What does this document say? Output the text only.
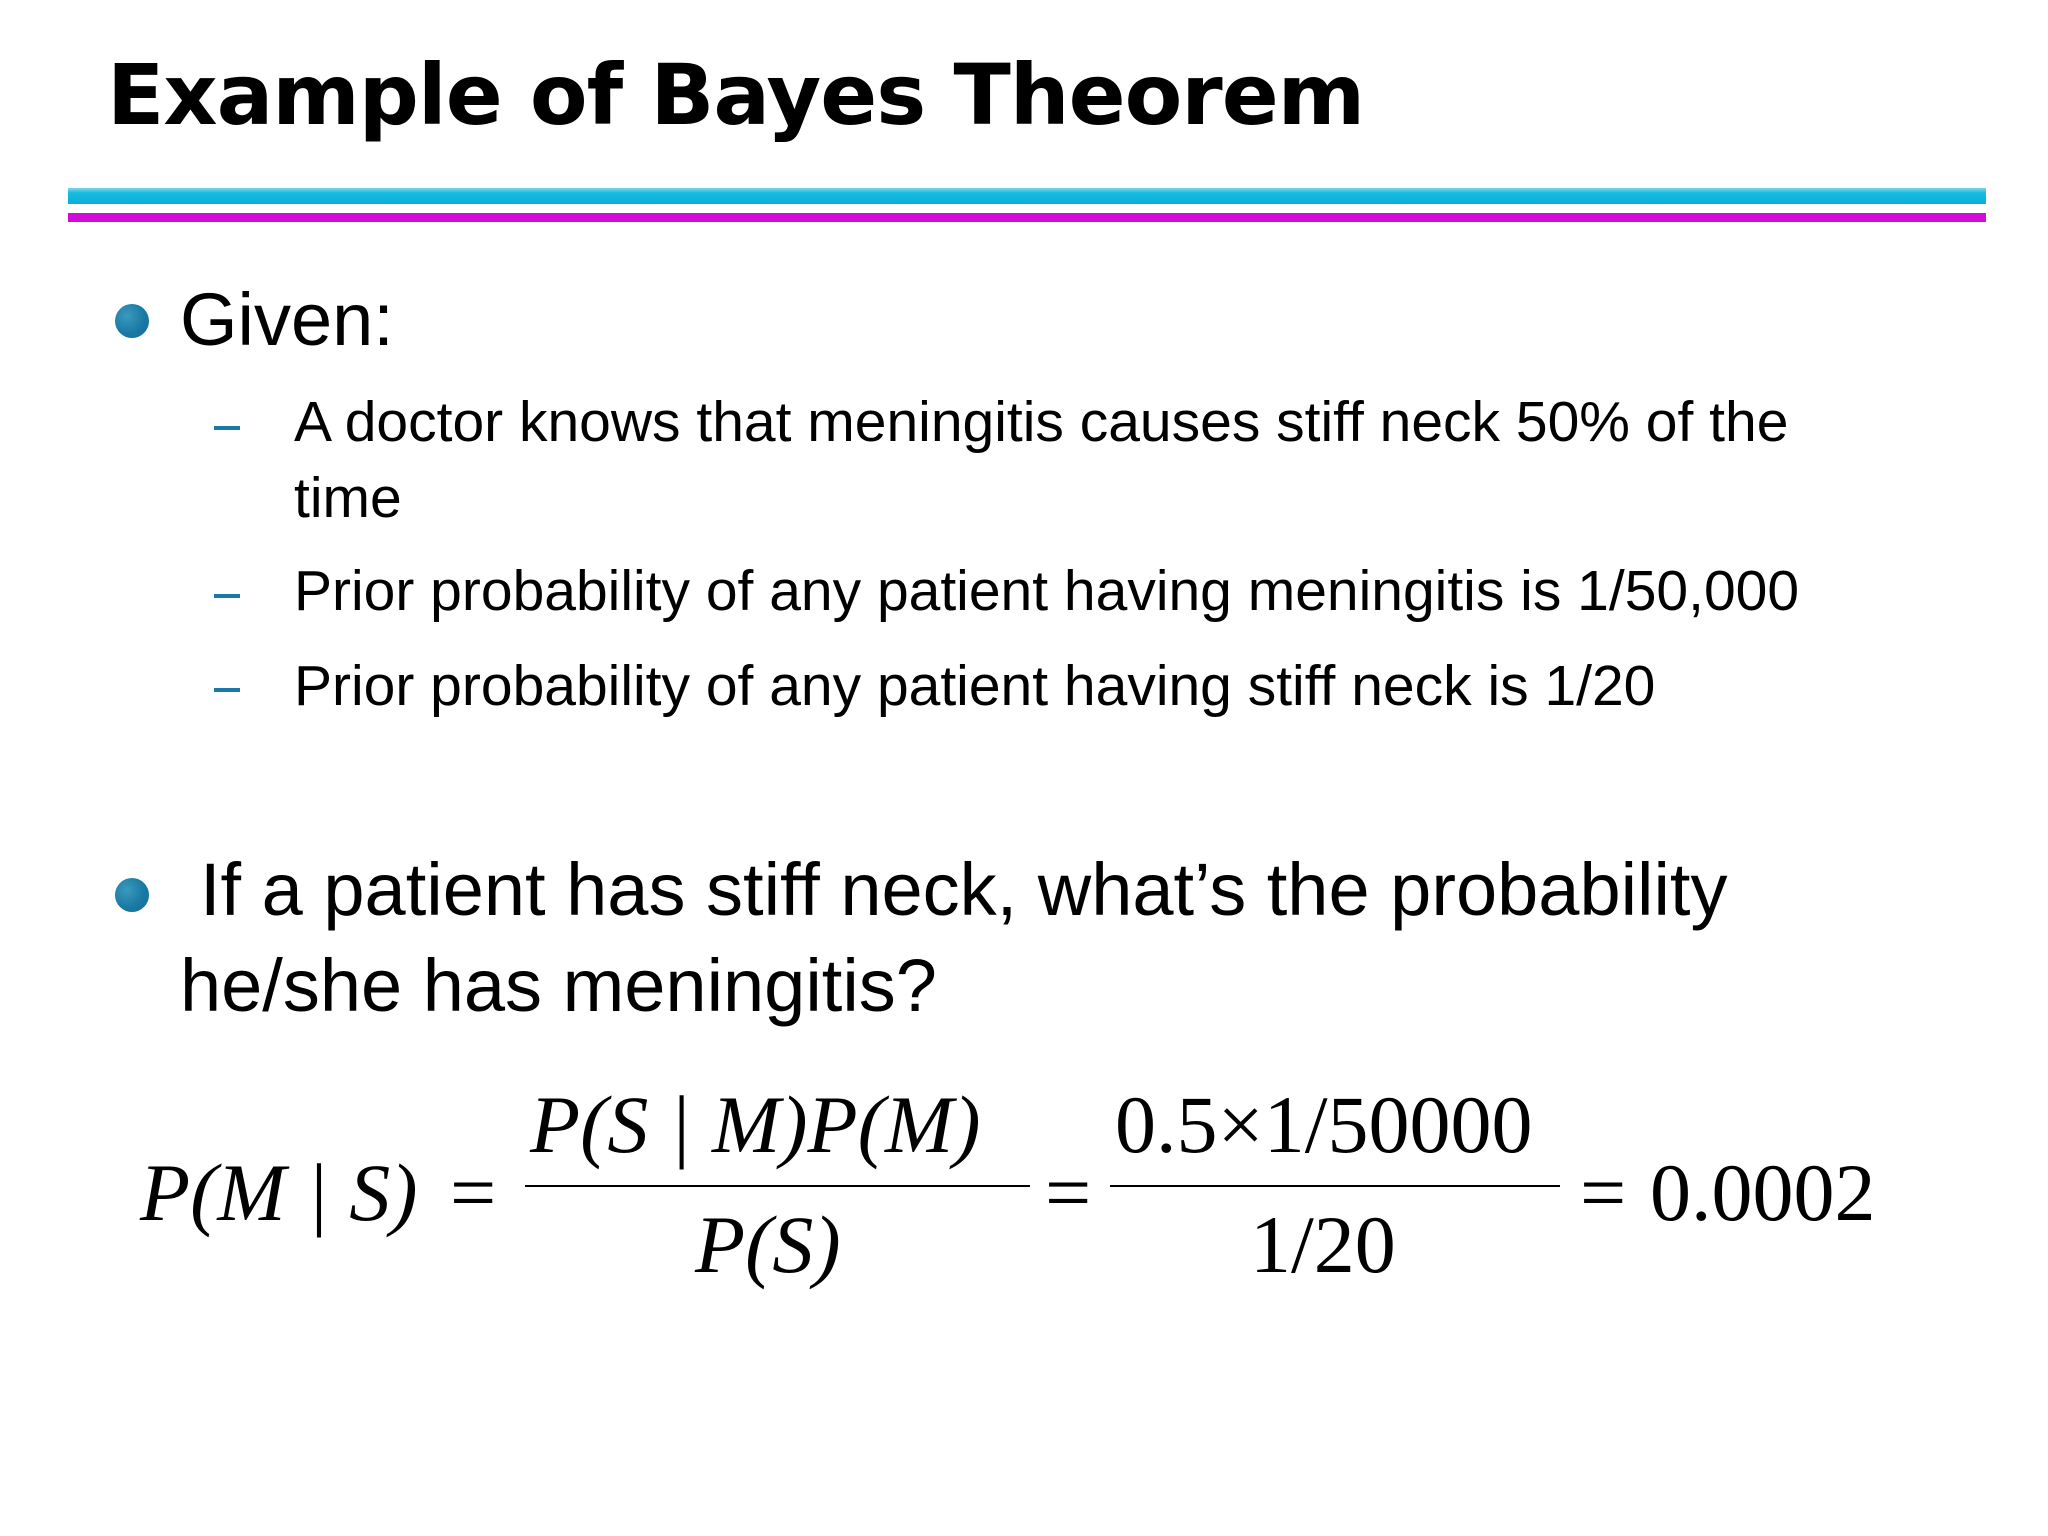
Example of Bayes Theorem
Given:
A doctor knows that meningitis causes stiff neck 50% of the
time
Prior probability of any patient having meningitis is 1/50,000
Prior probability of any patient having stiff neck is 1/20
If a patient has stiff neck, what’s the probability
he/she has meningitis?
P(M | S) =
P(S | M)P(M)
P(S)
=
0.5×1/50000
1/20
= 0.0002
